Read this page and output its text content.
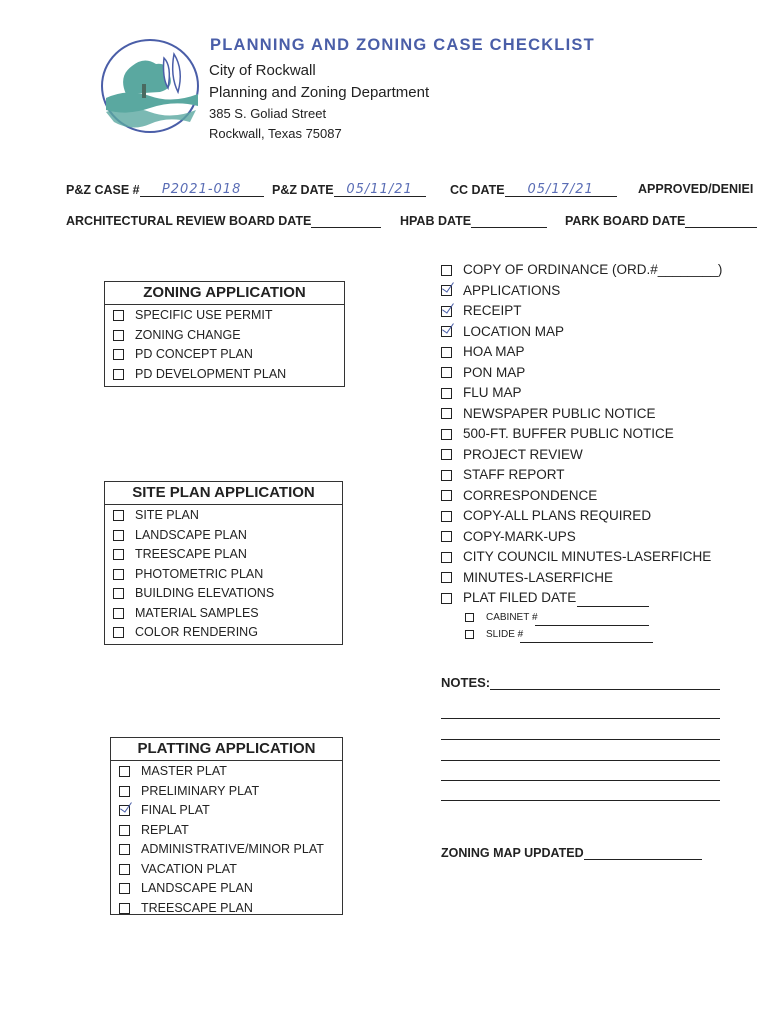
PLANNING AND ZONING CASE CHECKLIST
City of Rockwall
Planning and Zoning Department
385 S. Goliad Street
Rockwall, Texas 75087
P&Z CASE # P2021-018	P&Z DATE 05/11/21	CC DATE 05/17/21	APPROVED/DENIEI
ARCHITECTURAL REVIEW BOARD DATE	HPAB DATE	PARK BOARD DATE
ZONING APPLICATION
SPECIFIC USE PERMIT
ZONING CHANGE
PD CONCEPT PLAN
PD DEVELOPMENT PLAN
SITE PLAN APPLICATION
SITE PLAN
LANDSCAPE PLAN
TREESCAPE PLAN
PHOTOMETRIC PLAN
BUILDING ELEVATIONS
MATERIAL SAMPLES
COLOR RENDERING
PLATTING APPLICATION
MASTER PLAT
PRELIMINARY PLAT
FINAL PLAT
REPLAT
ADMINISTRATIVE/MINOR PLAT
VACATION PLAT
LANDSCAPE PLAN
TREESCAPE PLAN
COPY OF ORDINANCE (ORD.#________)
APPLICATIONS
RECEIPT
LOCATION MAP
HOA MAP
PON MAP
FLU MAP
NEWSPAPER PUBLIC NOTICE
500-FT. BUFFER PUBLIC NOTICE
PROJECT REVIEW
STAFF REPORT
CORRESPONDENCE
COPY-ALL PLANS REQUIRED
COPY-MARK-UPS
CITY COUNCIL MINUTES-LASERFICHE
MINUTES-LASERFICHE
PLAT FILED DATE
CABINET #
SLIDE #
NOTES:
ZONING MAP UPDATED
